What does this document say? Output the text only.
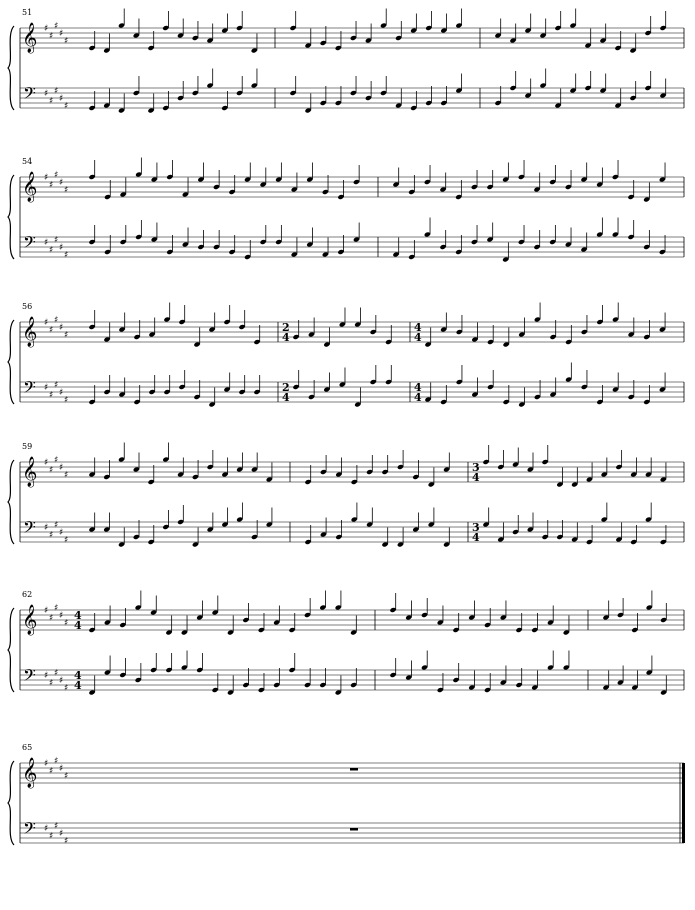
𝄞 ♯
♯
♯
♯
♯
𝄢 ♯
♯
♯
♯
♯
51
𝄞 ♯
♯
♯
♯
♯
𝄢 ♯
♯
♯
♯
♯
54
𝄞 ♯
♯
♯
♯
♯
𝄢 ♯
♯
♯
♯
♯
56
2
4
2
4
4
4
4
4
𝄞 ♯
♯
♯
♯
♯
𝄢 ♯
♯
♯
♯
♯
59
3
4
3
4
𝄞 ♯
♯
♯
♯
♯
𝄢 ♯
♯
♯
♯
♯
62
4
4
4
4
𝄞 ♯
♯
♯
♯
♯
𝄢 ♯
♯
♯
♯
♯
65
